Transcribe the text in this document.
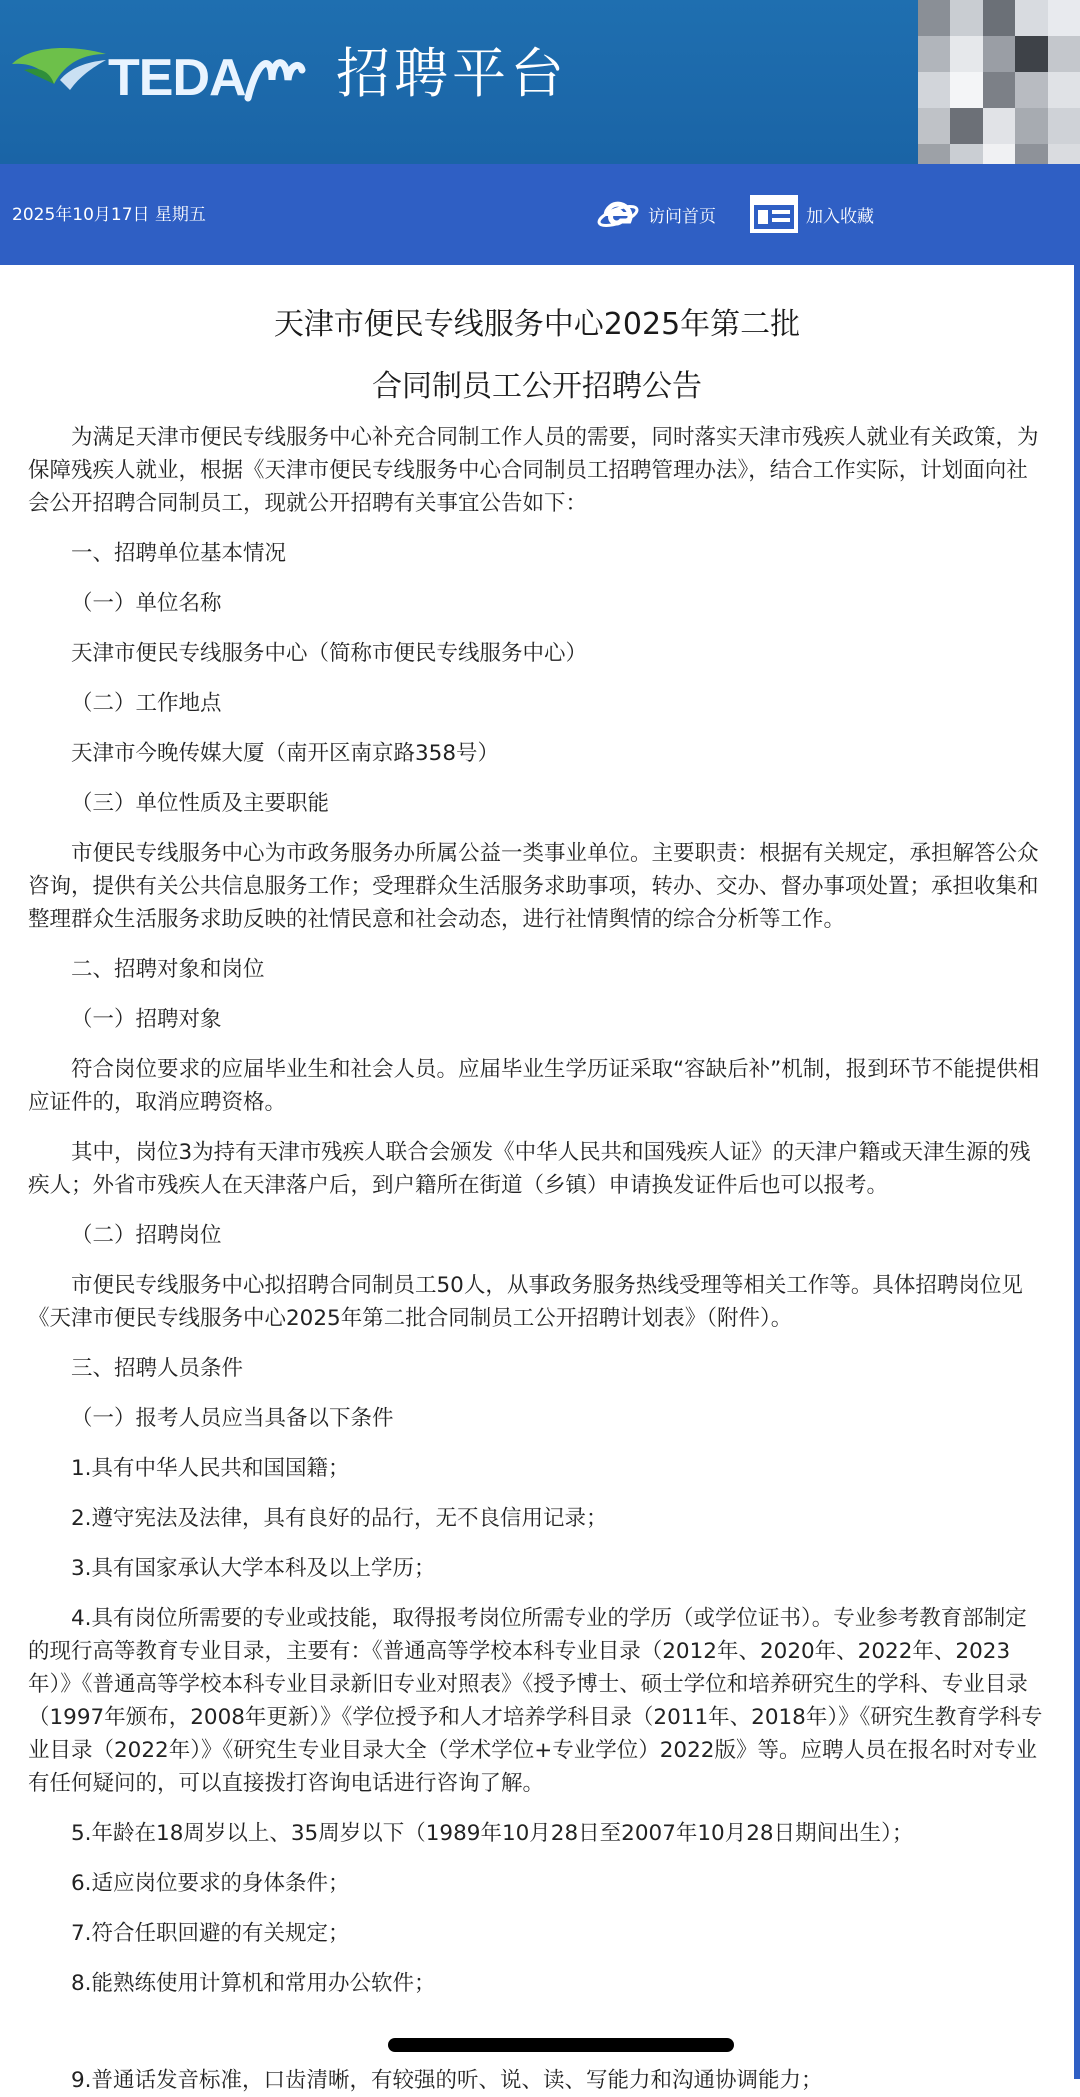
TEDA 招聘平台
2025年10月17日 星期五	访问首页	加入收藏
天津市便民专线服务中心2025年第二批
合同制员工公开招聘公告

为满足天津市便民专线服务中心补充合同制工作人员的需要，同时落实天津市残疾人就业有关政策，为保障残疾人就业，根据《天津市便民专线服务中心合同制员工招聘管理办法》，结合工作实际，计划面向社会公开招聘合同制员工，现就公开招聘有关事宜公告如下：

一、招聘单位基本情况

（一）单位名称

天津市便民专线服务中心（简称市便民专线服务中心）

（二）工作地点

天津市今晚传媒大厦（南开区南京路358号）

（三）单位性质及主要职能

市便民专线服务中心为市政务服务办所属公益一类事业单位。主要职责：根据有关规定，承担解答公众咨询，提供有关公共信息服务工作；受理群众生活服务求助事项，转办、交办、督办事项处置；承担收集和整理群众生活服务求助反映的社情民意和社会动态，进行社情舆情的综合分析等工作。

二、招聘对象和岗位

（一）招聘对象

符合岗位要求的应届毕业生和社会人员。应届毕业生学历证采取“容缺后补”机制，报到环节不能提供相应证件的，取消应聘资格。

其中，岗位3为持有天津市残疾人联合会颁发《中华人民共和国残疾人证》的天津户籍或天津生源的残疾人；外省市残疾人在天津落户后，到户籍所在街道（乡镇）申请换发证件后也可以报考。

（二）招聘岗位

市便民专线服务中心拟招聘合同制员工50人，从事政务服务热线受理等相关工作等。具体招聘岗位见《天津市便民专线服务中心2025年第二批合同制员工公开招聘计划表》（附件）。

三、招聘人员条件

（一）报考人员应当具备以下条件

1.具有中华人民共和国国籍；

2.遵守宪法及法律，具有良好的品行，无不良信用记录；

3.具有国家承认大学本科及以上学历；

4.具有岗位所需要的专业或技能，取得报考岗位所需专业的学历（或学位证书）。专业参考教育部制定的现行高等教育专业目录，主要有：《普通高等学校本科专业目录（2012年、2020年、2022年、2023年）》《普通高等学校本科专业目录新旧专业对照表》《授予博士、硕士学位和培养研究生的学科、专业目录（1997年颁布，2008年更新）》《学位授予和人才培养学科目录（2011年、2018年）》《研究生教育学科专业目录（2022年）》《研究生专业目录大全（学术学位+专业学位）2022版》等。应聘人员在报名时对专业有任何疑问的，可以直接拨打咨询电话进行咨询了解。

5.年龄在18周岁以上、35周岁以下（1989年10月28日至2007年10月28日期间出生）；

6.适应岗位要求的身体条件；

7.符合任职回避的有关规定；

8.能熟练使用计算机和常用办公软件；

9.普通话发音标准，口齿清晰，有较强的听、说、读、写能力和沟通协调能力；
